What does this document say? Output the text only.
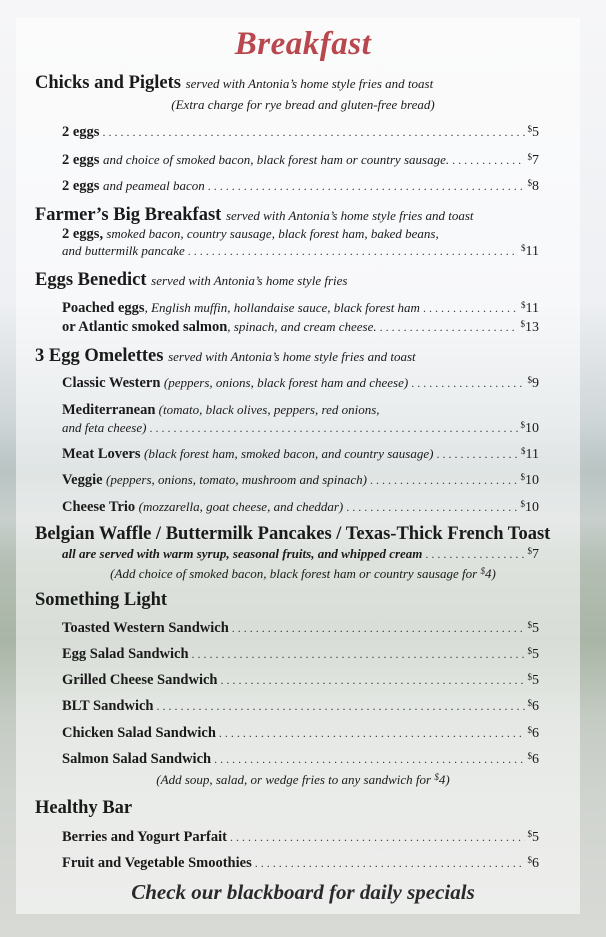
Breakfast
Chicks and Piglets served with Antonia’s home style fries and toast
(Extra charge for rye bread and gluten-free bread)
2 eggs . . .	$5
2 eggs
and choice of smoked bacon, black forest ham or country sausage. . . .	$7
2 eggs
and peameal bacon . . .	$8
Farmer’s Big Breakfast served with Antonia’s home style fries and toast
2 eggs, smoked bacon, country sausage, black forest ham, baked beans,
and buttermilk pancake . . .	$11
Eggs Benedict served with Antonia’s home style fries
Poached eggs , English muffin, hollandaise sauce, black forest ham . . .	$11
or Atlantic smoked salmon , spinach, and cream cheese. . . .	$13
3 Egg Omelettes served with Antonia’s home style fries and toast
Classic Western
(peppers, onions, black forest ham and cheese) . . .	$9
Mediterranean (tomato, black olives, peppers, red onions,
and feta cheese) . . .	$10
Meat Lovers
(black forest ham, smoked bacon, and country sausage) . . .	$11
Veggie
(peppers, onions, tomato, mushroom and spinach) . . .	$10
Cheese Trio
(mozzarella, goat cheese, and cheddar) . . .	$10
Belgian Waffle / Buttermilk Pancakes / Texas-Thick French Toast
all are served with warm syrup, seasonal fruits, and whipped cream . . .	$7
(Add choice of smoked bacon, black forest ham or country sausage for $4)
Something Light
Toasted Western Sandwich . . .	$5
Egg Salad Sandwich . . .	$5
Grilled Cheese Sandwich . . .	$5
BLT Sandwich . . .	$6
Chicken Salad Sandwich . . .	$6
Salmon Salad Sandwich . . .	$6
(Add soup, salad, or wedge fries to any sandwich for $4)
Healthy Bar
Berries and Yogurt Parfait . . .	$5
Fruit and Vegetable Smoothies . . .	$6
Check our blackboard for daily specials
